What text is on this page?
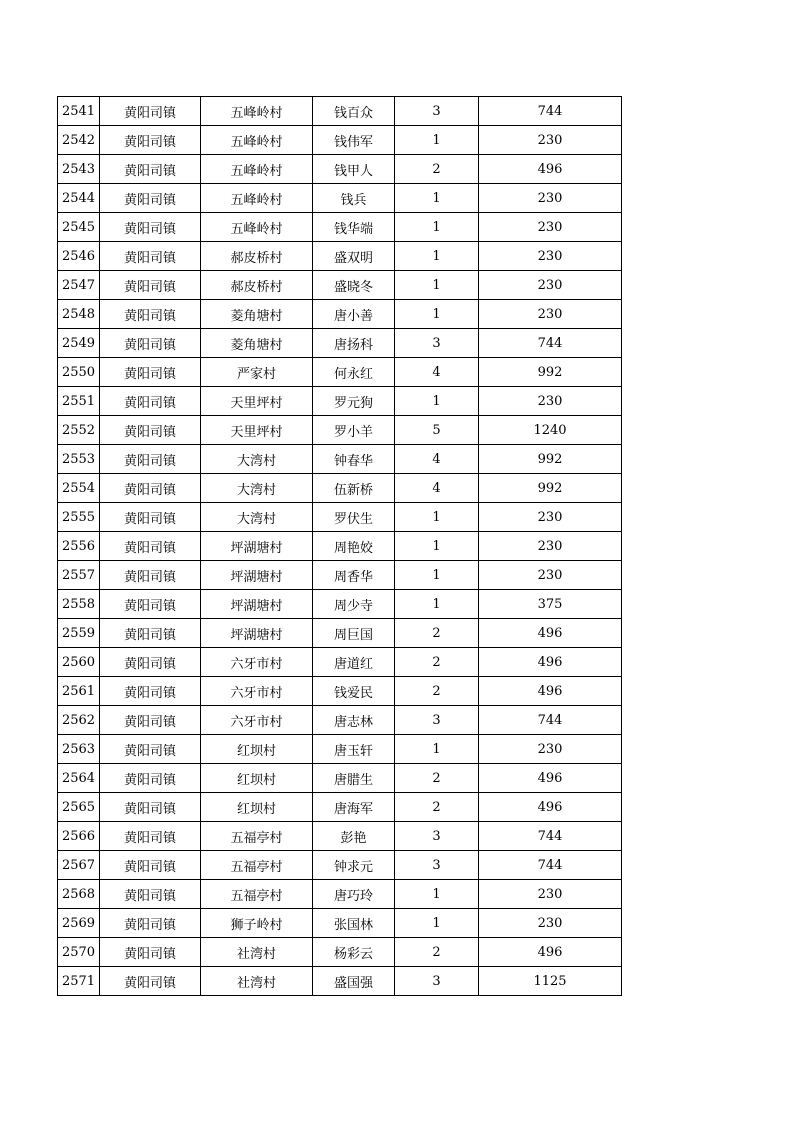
2541	黄阳司镇	五峰岭村	钱百众	3	744
2542	黄阳司镇	五峰岭村	钱伟军	1	230
2543	黄阳司镇	五峰岭村	钱甲人	2	496
2544	黄阳司镇	五峰岭村	钱兵	1	230
2545	黄阳司镇	五峰岭村	钱华端	1	230
2546	黄阳司镇	郝皮桥村	盛双明	1	230
2547	黄阳司镇	郝皮桥村	盛晓冬	1	230
2548	黄阳司镇	菱角塘村	唐小善	1	230
2549	黄阳司镇	菱角塘村	唐扬科	3	744
2550	黄阳司镇	严家村	何永红	4	992
2551	黄阳司镇	天里坪村	罗元狗	1	230
2552	黄阳司镇	天里坪村	罗小羊	5	1240
2553	黄阳司镇	大湾村	钟春华	4	992
2554	黄阳司镇	大湾村	伍新桥	4	992
2555	黄阳司镇	大湾村	罗伏生	1	230
2556	黄阳司镇	坪湖塘村	周艳姣	1	230
2557	黄阳司镇	坪湖塘村	周香华	1	230
2558	黄阳司镇	坪湖塘村	周少寺	1	375
2559	黄阳司镇	坪湖塘村	周巨国	2	496
2560	黄阳司镇	六牙市村	唐道红	2	496
2561	黄阳司镇	六牙市村	钱爱民	2	496
2562	黄阳司镇	六牙市村	唐志林	3	744
2563	黄阳司镇	红坝村	唐玉轩	1	230
2564	黄阳司镇	红坝村	唐腊生	2	496
2565	黄阳司镇	红坝村	唐海军	2	496
2566	黄阳司镇	五福亭村	彭艳	3	744
2567	黄阳司镇	五福亭村	钟求元	3	744
2568	黄阳司镇	五福亭村	唐巧玲	1	230
2569	黄阳司镇	狮子岭村	张国林	1	230
2570	黄阳司镇	社湾村	杨彩云	2	496
2571	黄阳司镇	社湾村	盛国强	3	1125
